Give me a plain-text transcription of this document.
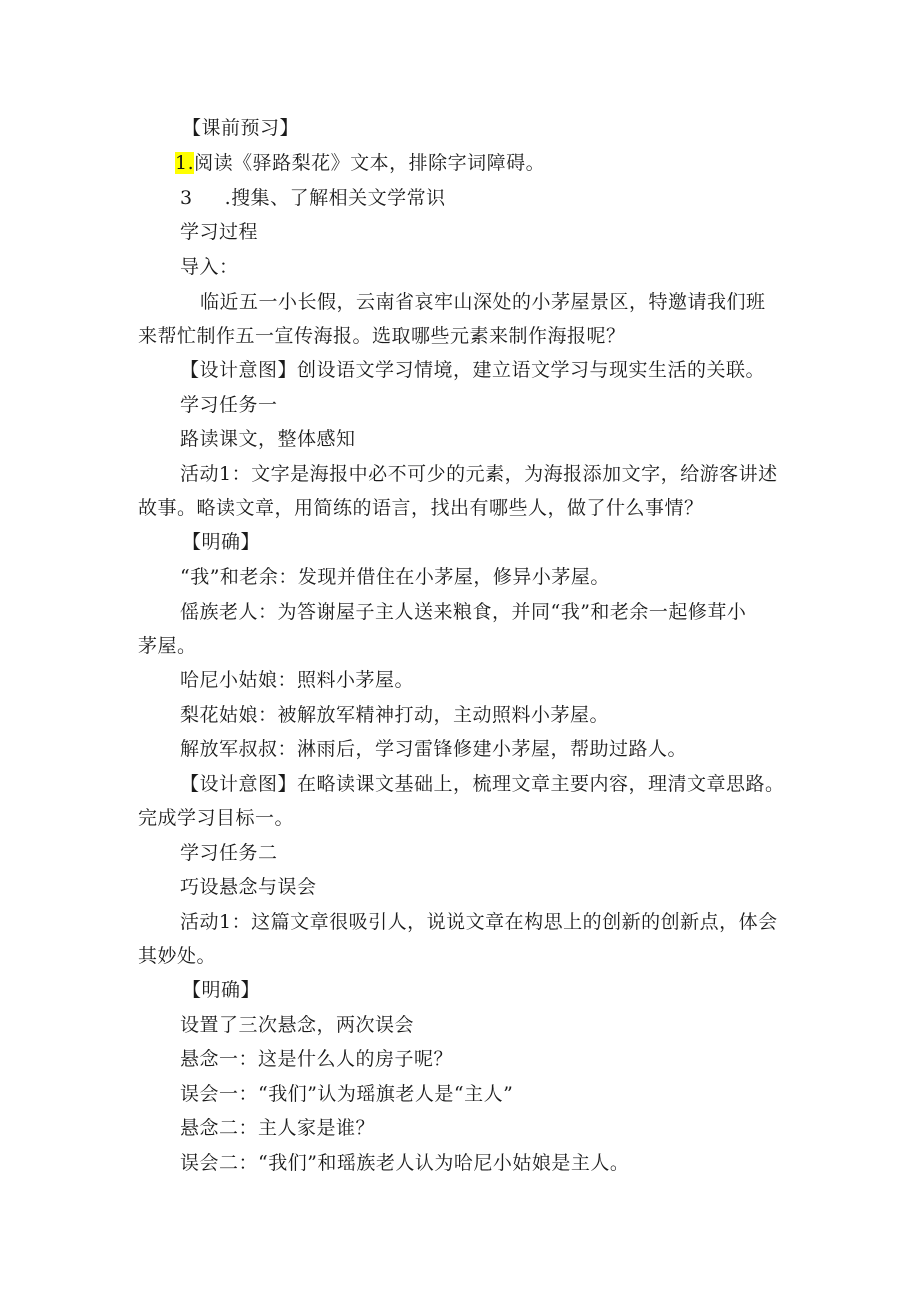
【课前预习】
1.阅读《驿路梨花》文本，排除字词障碍。
3 .搜集、了解相关文学常识
学习过程
导入：
临近五一小长假，云南省哀牢山深处的小茅屋景区，特邀请我们班
来帮忙制作五一宣传海报。选取哪些元素来制作海报呢？
【设计意图】创设语文学习情境，建立语文学习与现实生活的关联。
学习任务一
路读课文，整体感知
活动1：文字是海报中必不可少的元素，为海报添加文字，给游客讲述
故事。略读文章，用简练的语言，找出有哪些人，做了什么事情？
【明确】
“我”和老余：发现并借住在小茅屋，修异小茅屋。
傜族老人：为答谢屋子主人送来粮食，并同“我”和老余一起修茸小
茅屋。
哈尼小姑娘：照料小茅屋。
梨花姑娘：被解放军精神打动，主动照料小茅屋。
解放军叔叔：淋雨后，学习雷锋修建小茅屋，帮助过路人。
【设计意图】在略读课文基础上，梳理文章主要内容，理清文章思路。
完成学习目标一。
学习任务二
巧设悬念与误会
活动1：这篇文章很吸引人，说说文章在构思上的创新的创新点，体会
其妙处。
【明确】
设置了三次悬念，两次误会
悬念一：这是什么人的房子呢？
误会一：“我们”认为瑶旗老人是“主人”
悬念二：主人家是谁？
误会二：“我们”和瑶族老人认为哈尼小姑娘是主人。
